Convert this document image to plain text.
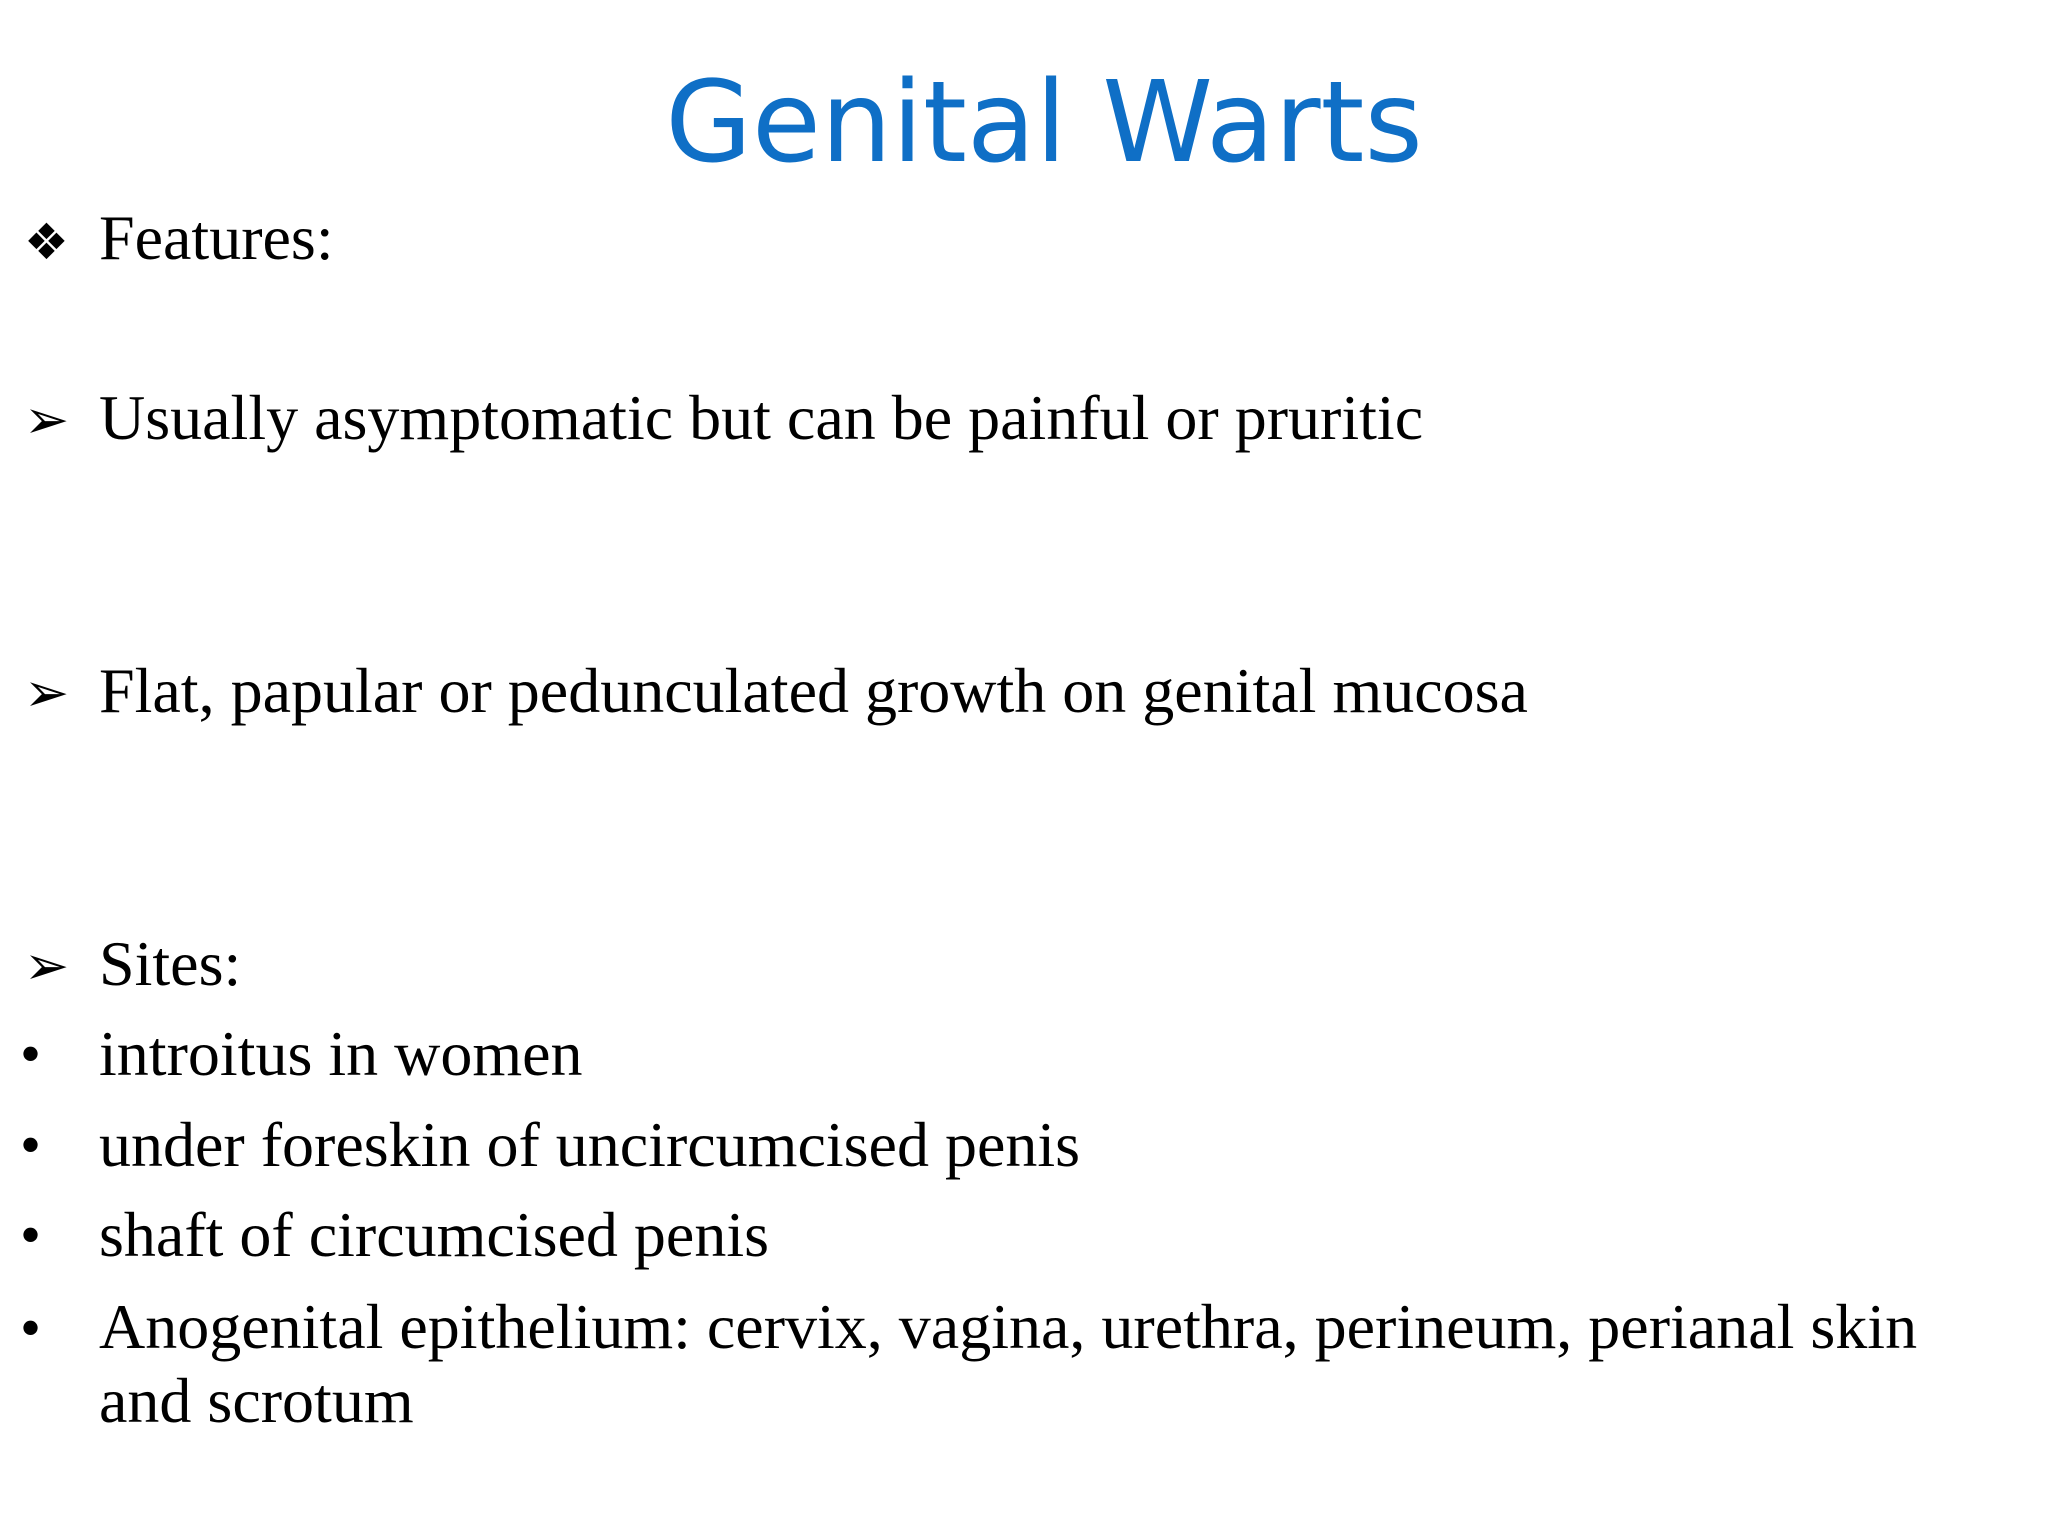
Genital Warts
❖ Features:
➢ Usually asymptomatic but can be painful or pruritic
➢ Flat, papular or pedunculated growth on genital mucosa
➢ Sites:
• introitus in women
• under foreskin of uncircumcised penis
• shaft of circumcised penis
• Anogenital epithelium: cervix, vagina, urethra, perineum, perianal skin and scrotum
